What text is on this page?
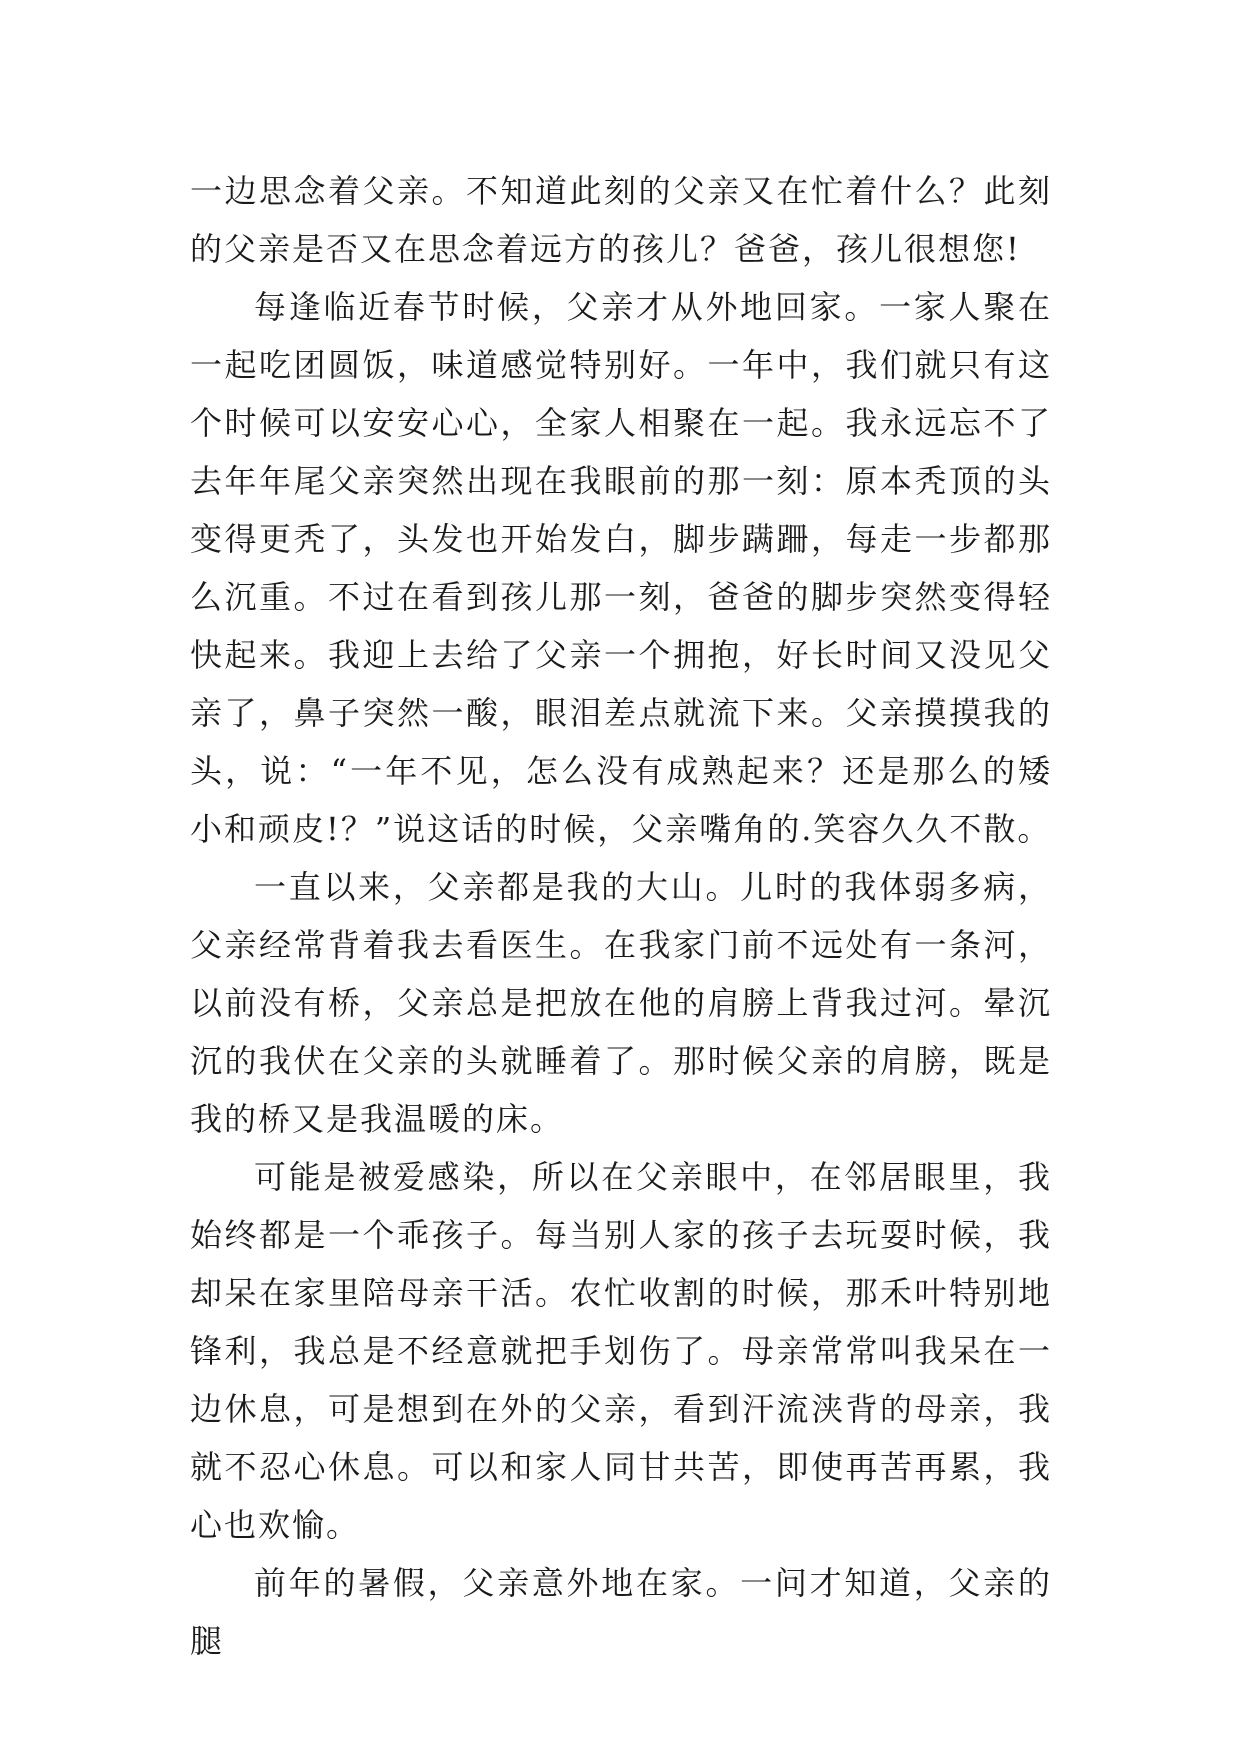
一边思念着父亲。不知道此刻的父亲又在忙着什么？此刻的父亲是否又在思念着远方的孩儿？爸爸，孩儿很想您!

每逢临近春节时候，父亲才从外地回家。一家人聚在一起吃团圆饭，味道感觉特别好。一年中，我们就只有这个时候可以安安心心，全家人相聚在一起。我永远忘不了去年年尾父亲突然出现在我眼前的那一刻：原本秃顶的头变得更秃了，头发也开始发白，脚步蹒跚，每走一步都那么沉重。不过在看到孩儿那一刻，爸爸的脚步突然变得轻快起来。我迎上去给了父亲一个拥抱，好长时间又没见父亲了，鼻子突然一酸，眼泪差点就流下来。父亲摸摸我的头，说：“一年不见，怎么没有成熟起来？还是那么的矮小和顽皮!？”说这话的时候，父亲嘴角的.笑容久久不散。

一直以来，父亲都是我的大山。儿时的我体弱多病，父亲经常背着我去看医生。在我家门前不远处有一条河，以前没有桥，父亲总是把放在他的肩膀上背我过河。晕沉沉的我伏在父亲的头就睡着了。那时候父亲的肩膀，既是我的桥又是我温暖的床。

可能是被爱感染，所以在父亲眼中，在邻居眼里，我始终都是一个乖孩子。每当别人家的孩子去玩耍时候，我却呆在家里陪母亲干活。农忙收割的时候，那禾叶特别地锋利，我总是不经意就把手划伤了。母亲常常叫我呆在一边休息，可是想到在外的父亲，看到汗流浃背的母亲，我就不忍心休息。可以和家人同甘共苦，即使再苦再累，我心也欢愉。

前年的暑假，父亲意外地在家。一问才知道，父亲的腿
